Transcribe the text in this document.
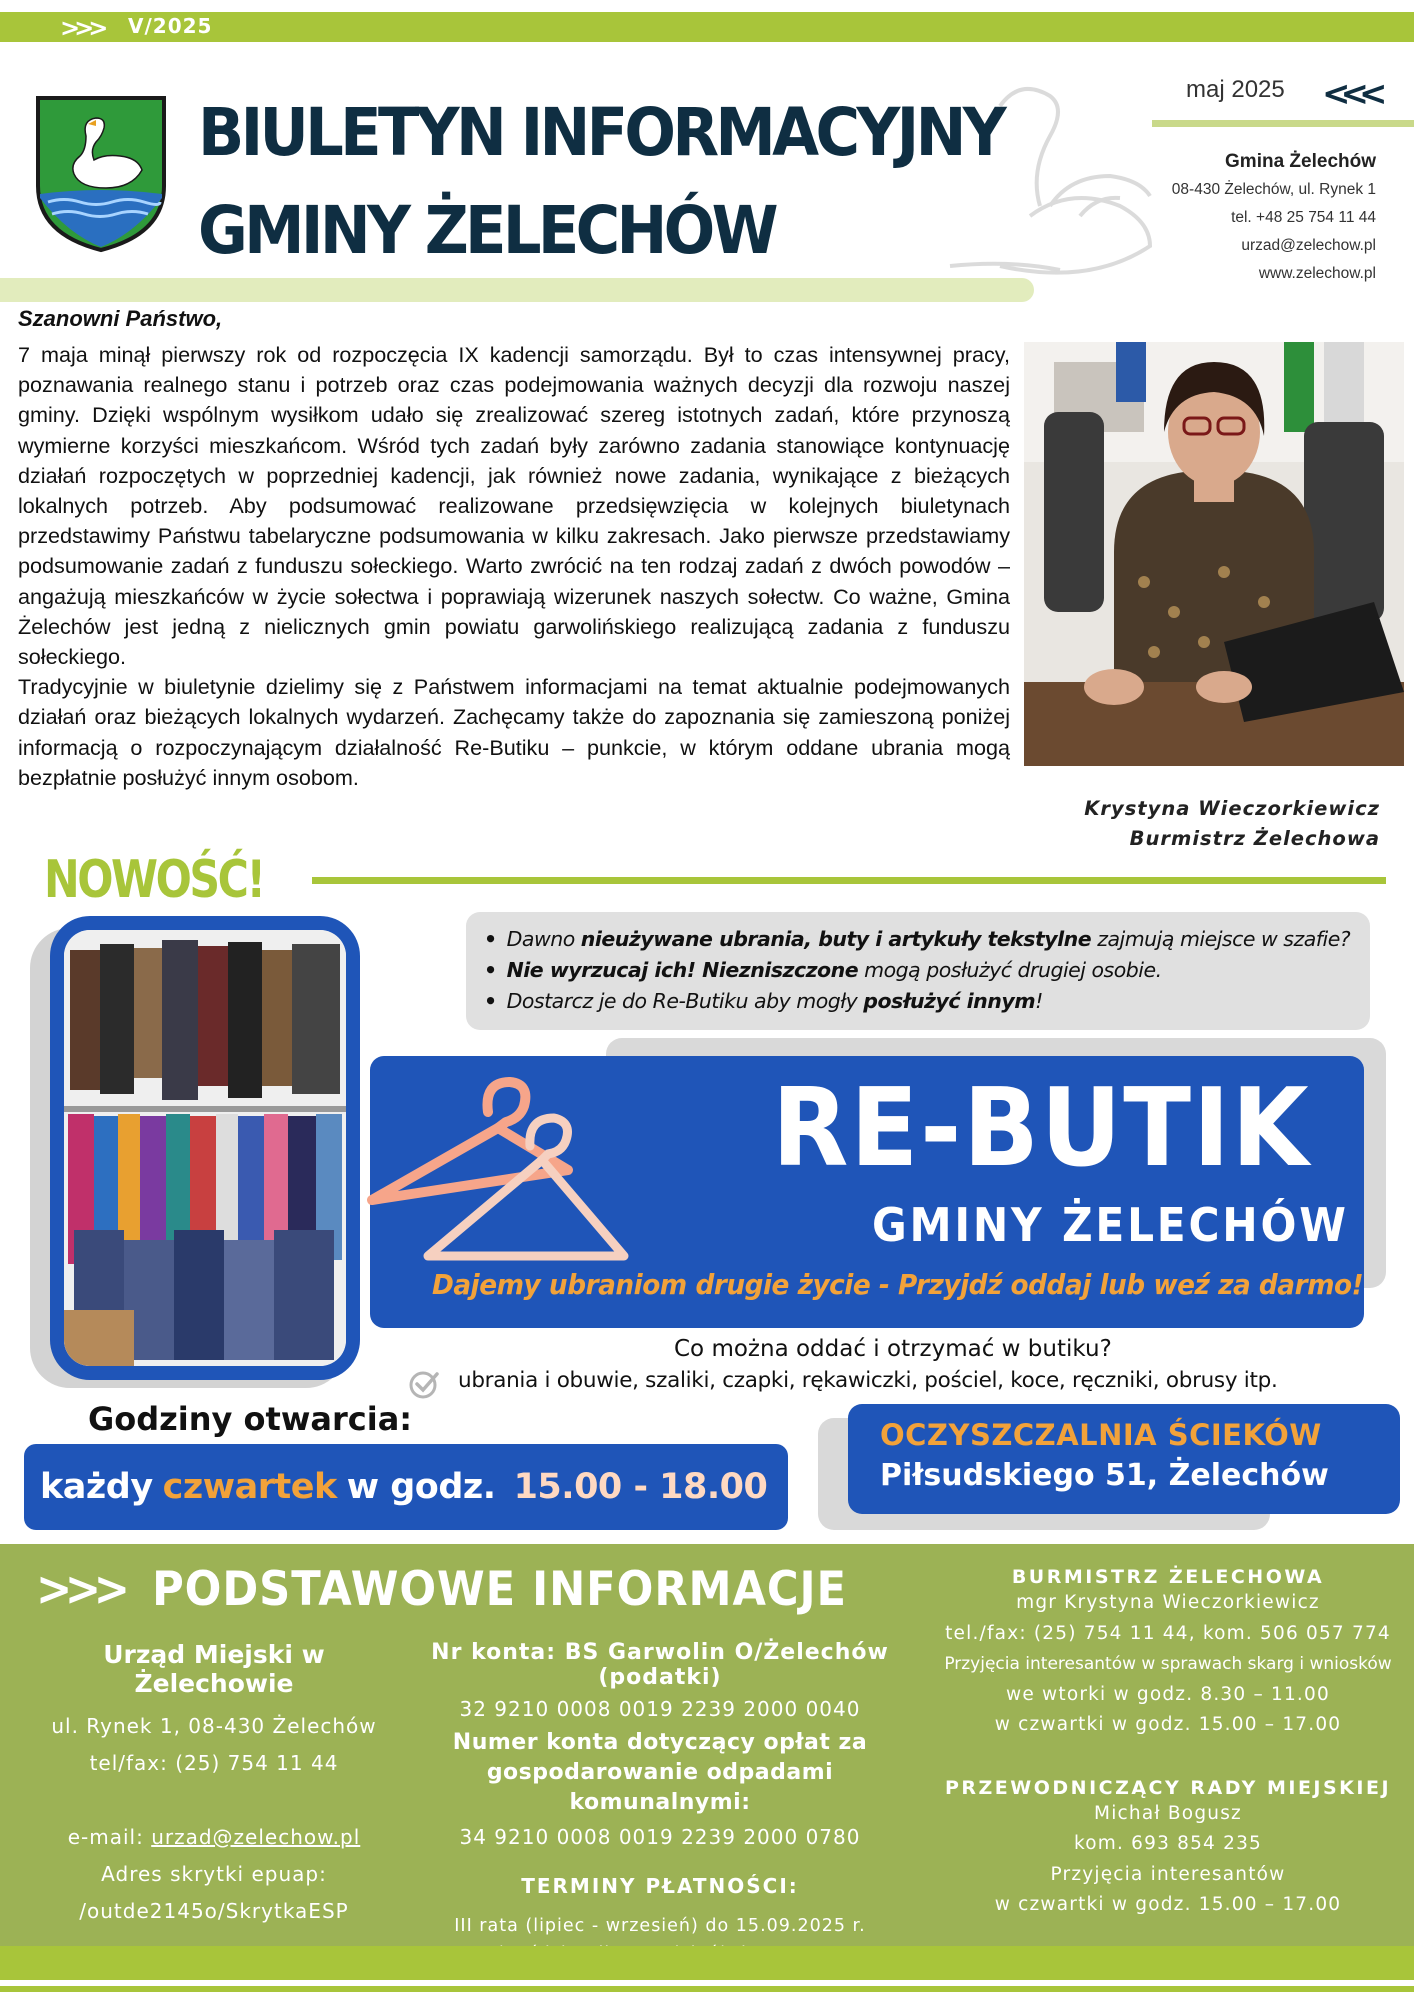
>>> V/2025
BIULETYN INFORMACYJNY
GMINY ŻELECHÓW
maj 2025 <<<
Gmina Żelechów
08-430 Żelechów, ul. Rynek 1
tel. +48 25 754 11 44
urzad@zelechow.pl
www.zelechow.pl
Szanowni Państwo,

7 maja minął pierwszy rok od rozpoczęcia IX kadencji samorządu. Był to czas intensywnej pracy, poznawania realnego stanu i potrzeb oraz czas podejmowania ważnych decyzji dla rozwoju naszej gminy. Dzięki wspólnym wysiłkom udało się zrealizować szereg istotnych zadań, które przynoszą wymierne korzyści mieszkańcom. Wśród tych zadań były zarówno zadania stanowiące kontynuację działań rozpoczętych w poprzedniej kadencji, jak również nowe zadania, wynikające z bieżących lokalnych potrzeb. Aby podsumować realizowane przedsięwzięcia w kolejnych biuletynach przedstawimy Państwu tabelaryczne podsumowania w kilku zakresach. Jako pierwsze przedstawiamy podsumowanie zadań z funduszu sołeckiego. Warto zwrócić na ten rodzaj zadań z dwóch powodów – angażują mieszkańców w życie sołectwa i poprawiają wizerunek naszych sołectw. Co ważne, Gmina Żelechów jest jedną z nielicznych gmin powiatu garwolińskiego realizującą zadania z funduszu sołeckiego.

Tradycyjnie w biuletynie dzielimy się z Państwem informacjami na temat aktualnie podejmowanych działań oraz bieżących lokalnych wydarzeń. Zachęcamy także do zapoznania się zamieszoną poniżej informacją o rozpoczynającym działalność Re-Butiku – punkcie, w którym oddane ubrania mogą bezpłatnie posłużyć innym osobom.

Krystyna Wieczorkiewicz
Burmistrz Żelechowa
NOWOŚĆ!
• Dawno nieużywane ubrania, buty i artykuły tekstylne zajmują miejsce w szafie?
• Nie wyrzucaj ich! Niezniszczone mogą posłużyć drugiej osobie.
• Dostarcz je do Re-Butiku aby mogły posłużyć innym!
RE-BUTIK
GMINY ŻELECHÓW
Dajemy ubraniom drugie życie - Przyjdź oddaj lub weź za darmo!
Co można oddać i otrzymać w butiku?
ubrania i obuwie, szaliki, czapki, rękawiczki, pościel, koce, ręczniki, obrusy itp.
Godziny otwarcia:
każdy czwartek w godz. 15.00 - 18.00
OCZYSZCZALNIA ŚCIEKÓW
Piłsudskiego 51, Żelechów
>>> PODSTAWOWE INFORMACJE
Urząd Miejski w Żelechowie
ul. Rynek 1, 08-430 Żelechów
tel/fax: (25) 754 11 44
e-mail: urzad@zelechow.pl
Adres skrytki epuap:
/outde2145o/SkrytkaESP
Nr konta: BS Garwolin O/Żelechów (podatki)
32 9210 0008 0019 2239 2000 0040
Numer konta dotyczący opłat za
gospodarowanie odpadami komunalnymi:
34 9210 0008 0019 2239 2000 0780
TERMINY PŁATNOŚCI:
III rata (lipiec - wrzesień) do 15.09.2025 r.
BURMISTRZ ŻELECHOWA
mgr Krystyna Wieczorkiewicz
tel./fax: (25) 754 11 44, kom. 506 057 774
Przyjęcia interesantów w sprawach skarg i wniosków
we wtorki w godz. 8.30 – 11.00
w czwartki w godz. 15.00 – 17.00
PRZEWODNICZĄCY RADY MIEJSKIEJ
Michał Bogusz
kom. 693 854 235
Przyjęcia interesantów
w czwartki w godz. 15.00 – 17.00
